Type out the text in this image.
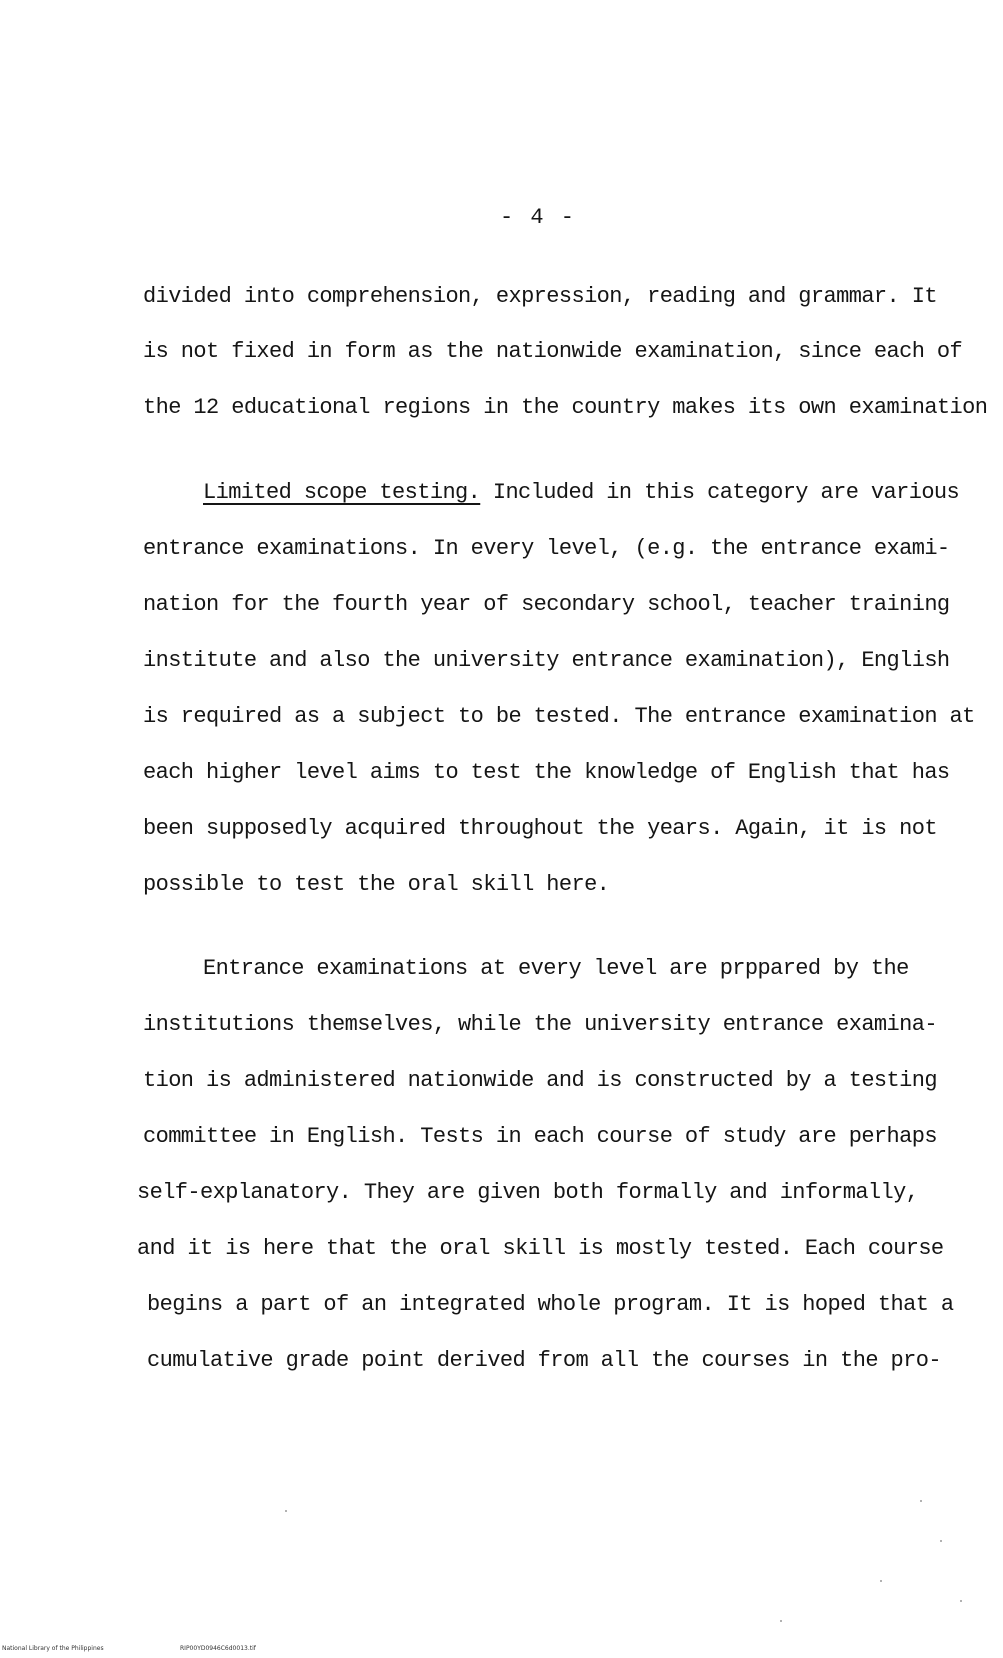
- 4 -
divided into comprehension, expression, reading and grammar. It
is not fixed in form as the nationwide examination, since each of
the 12 educational regions in the country makes its own examination
Limited scope testing. Included in this category are various
entrance examinations. In every level, (e.g. the entrance exami-
nation for the fourth year of secondary school, teacher training
institute and also the university entrance examination), English
is required as a subject to be tested. The entrance examination at
each higher level aims to test the knowledge of English that has
been supposedly acquired throughout the years. Again, it is not
possible to test the oral skill here.
Entrance examinations at every level are prppared by the
institutions themselves, while the university entrance examina-
tion is administered nationwide and is constructed by a testing
committee in English. Tests in each course of study are perhaps
self-explanatory. They are given both formally and informally,
and it is here that the oral skill is mostly tested. Each course
begins a part of an integrated whole program. It is hoped that a
cumulative grade point derived from all the courses in the pro-
National Library of the Philippines	RIP00YD0946C6d0013.tif
